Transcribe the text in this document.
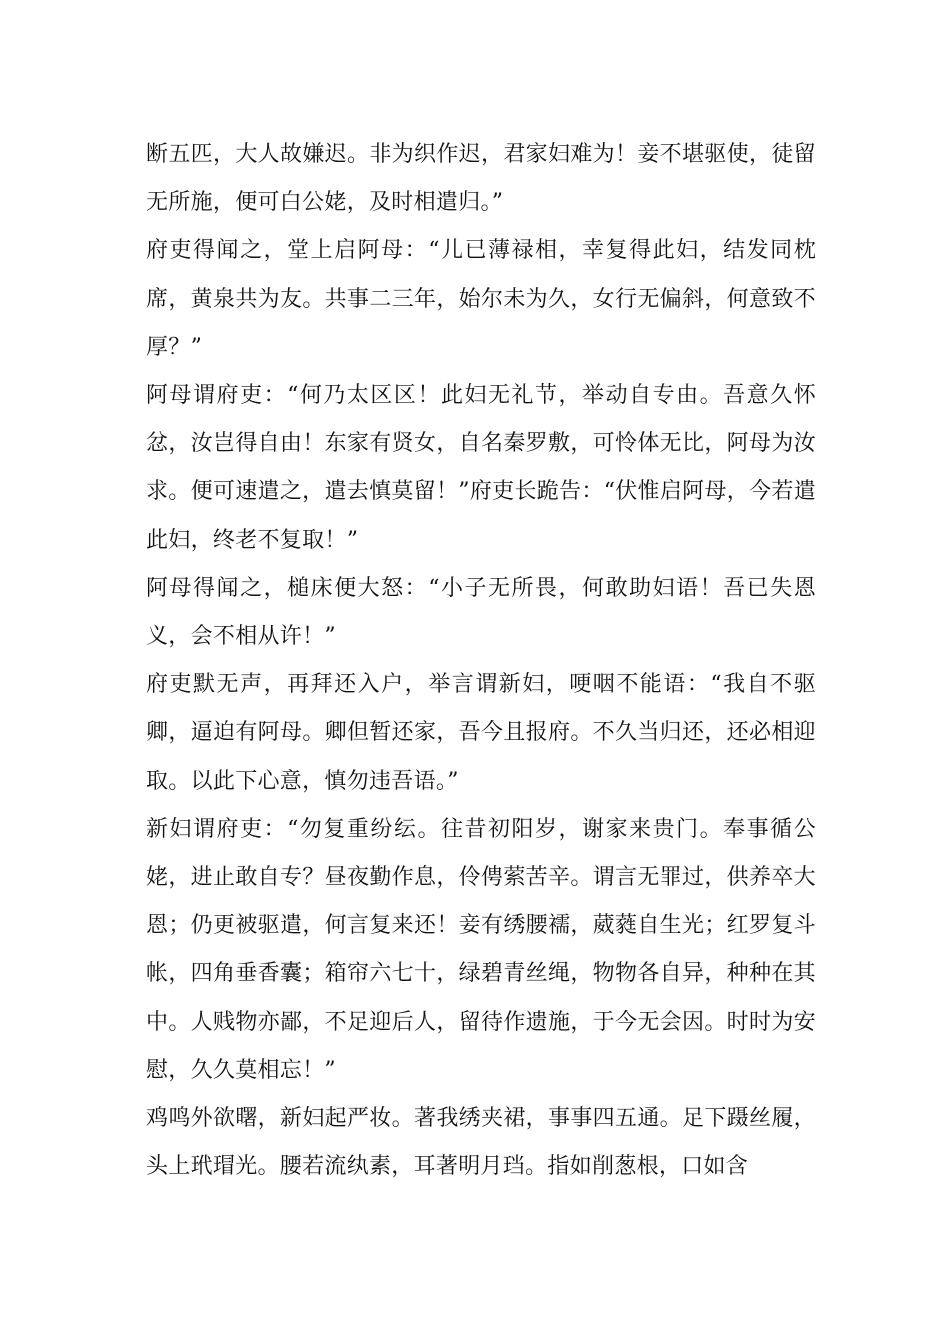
断五匹，大人故嫌迟。非为织作迟，君家妇难为！妾不堪驱使，徒留无所施，便可白公姥，及时相遣归。”

府吏得闻之，堂上启阿母：“儿已薄禄相，幸复得此妇，结发同枕席，黄泉共为友。共事二三年，始尔未为久，女行无偏斜，何意致不厚？”

阿母谓府吏：“何乃太区区！此妇无礼节，举动自专由。吾意久怀忿，汝岂得自由！东家有贤女，自名秦罗敷，可怜体无比，阿母为汝求。便可速遣之，遣去慎莫留！”府吏长跪告：“伏惟启阿母，今若遣此妇，终老不复取！”

阿母得闻之，槌床便大怒：“小子无所畏，何敢助妇语！吾已失恩义，会不相从许！”

府吏默无声，再拜还入户，举言谓新妇，哽咽不能语：“我自不驱卿，逼迫有阿母。卿但暂还家，吾今且报府。不久当归还，还必相迎取。以此下心意，慎勿违吾语。”

新妇谓府吏：“勿复重纷纭。往昔初阳岁，谢家来贵门。奉事循公姥，进止敢自专？昼夜勤作息，伶俜萦苦辛。谓言无罪过，供养卒大恩；仍更被驱遣，何言复来还！妾有绣腰襦，葳蕤自生光；红罗复斗帐，四角垂香囊；箱帘六七十，绿碧青丝绳，物物各自异，种种在其中。人贱物亦鄙，不足迎后人，留待作遗施，于今无会因。时时为安慰，久久莫相忘！”

鸡鸣外欲曙，新妇起严妆。著我绣夹裙，事事四五通。足下蹑丝履，头上玳瑁光。腰若流纨素，耳著明月珰。指如削葱根，口如含
